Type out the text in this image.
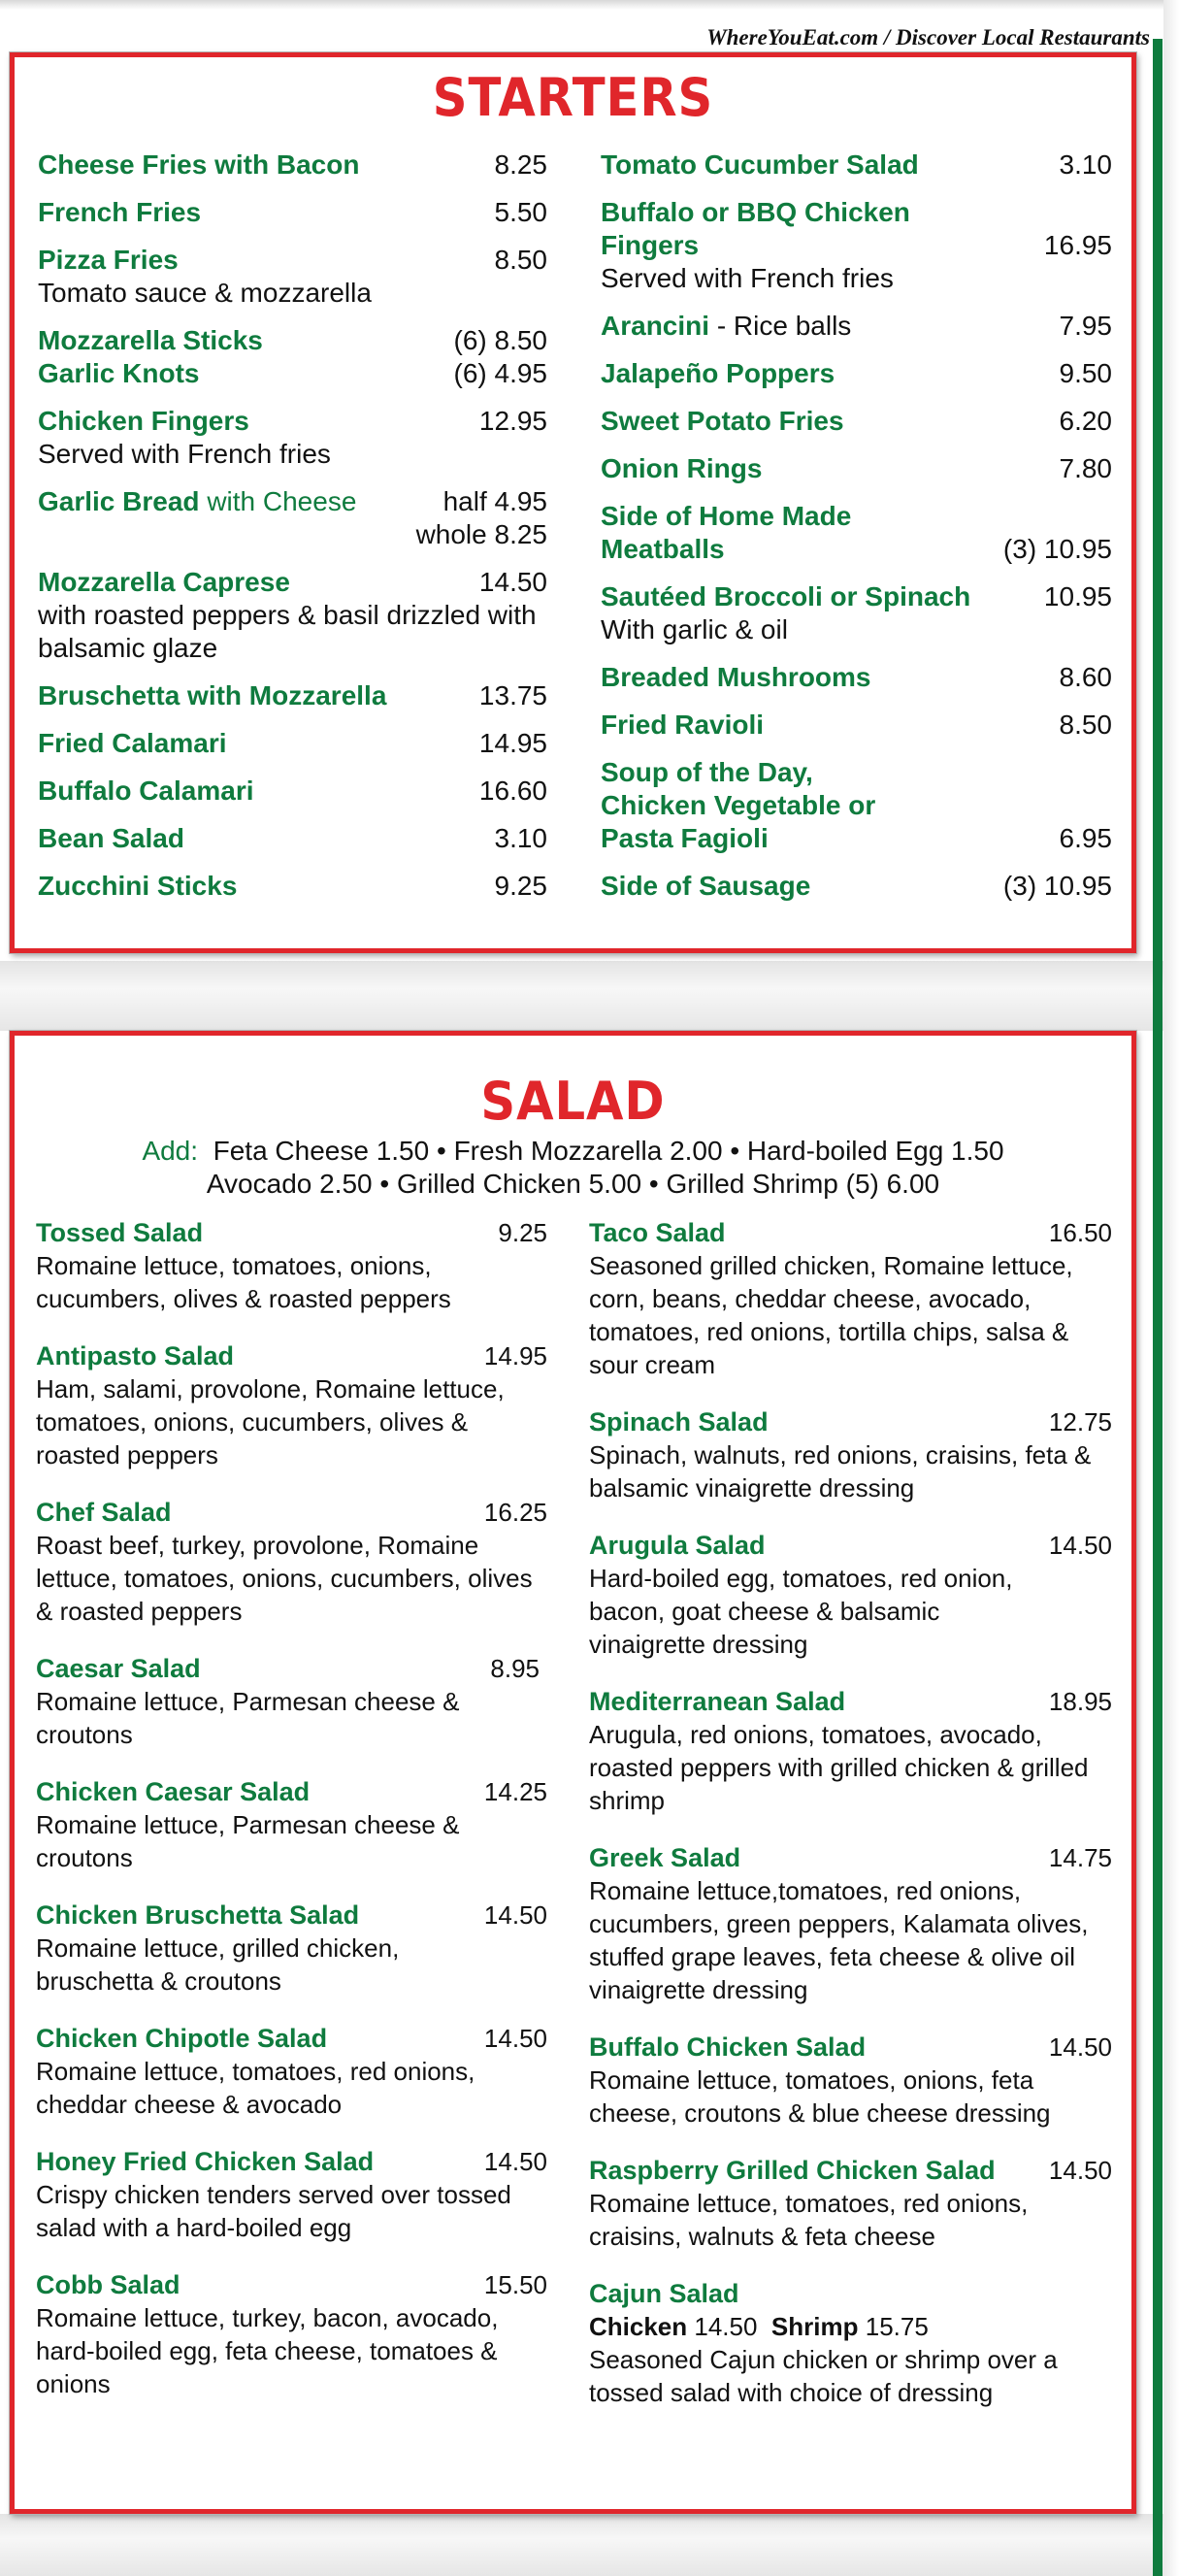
WhereYouEat.com / Discover Local Restaurants
STARTERS
Cheese Fries with Bacon	8.25
French Fries	5.50
Pizza Fries	8.50
Tomato sauce & mozzarella
Mozzarella Sticks	(6) 8.50
Garlic Knots	(6) 4.95
Chicken Fingers	12.95
Served with French fries
Garlic Bread with Cheese	half 4.95
whole 8.25
Mozzarella Caprese	14.50
with roasted peppers & basil drizzled with balsamic glaze
Bruschetta with Mozzarella	13.75
Fried Calamari	14.95
Buffalo Calamari	16.60
Bean Salad	3.10
Zucchini Sticks	9.25
Tomato Cucumber Salad	3.10
Buffalo or BBQ Chicken Fingers	16.95
Served with French fries
Arancini - Rice balls	7.95
Jalapeño Poppers	9.50
Sweet Potato Fries	6.20
Onion Rings	7.80
Side of Home Made Meatballs	(3) 10.95
Sautéed Broccoli or Spinach	10.95
With garlic & oil
Breaded Mushrooms	8.60
Fried Ravioli	8.50
Soup of the Day, Chicken Vegetable or Pasta Fagioli	6.95
Side of Sausage	(3) 10.95
SALAD
Add: Feta Cheese 1.50 • Fresh Mozzarella 2.00 • Hard-boiled Egg 1.50
Avocado 2.50 • Grilled Chicken 5.00 • Grilled Shrimp (5) 6.00
Tossed Salad	9.25
Romaine lettuce, tomatoes, onions, cucumbers, olives & roasted peppers
Antipasto Salad	14.95
Ham, salami, provolone, Romaine lettuce, tomatoes, onions, cucumbers, olives & roasted peppers
Chef Salad	16.25
Roast beef, turkey, provolone, Romaine lettuce, tomatoes, onions, cucumbers, olives & roasted peppers
Caesar Salad	8.95
Romaine lettuce, Parmesan cheese & croutons
Chicken Caesar Salad	14.25
Romaine lettuce, Parmesan cheese & croutons
Chicken Bruschetta Salad	14.50
Romaine lettuce, grilled chicken, bruschetta & croutons
Chicken Chipotle Salad	14.50
Romaine lettuce, tomatoes, red onions, cheddar cheese & avocado
Honey Fried Chicken Salad	14.50
Crispy chicken tenders served over tossed salad with a hard-boiled egg
Cobb Salad	15.50
Romaine lettuce, turkey, bacon, avocado, hard-boiled egg, feta cheese, tomatoes & onions
Taco Salad	16.50
Seasoned grilled chicken, Romaine lettuce, corn, beans, cheddar cheese, avocado, tomatoes, red onions, tortilla chips, salsa & sour cream
Spinach Salad	12.75
Spinach, walnuts, red onions, craisins, feta & balsamic vinaigrette dressing
Arugula Salad	14.50
Hard-boiled egg, tomatoes, red onion, bacon, goat cheese & balsamic vinaigrette dressing
Mediterranean Salad	18.95
Arugula, red onions, tomatoes, avocado, roasted peppers with grilled chicken & grilled shrimp
Greek Salad	14.75
Romaine lettuce,tomatoes, red onions, cucumbers, green peppers, Kalamata olives, stuffed grape leaves, feta cheese & olive oil vinaigrette dressing
Buffalo Chicken Salad	14.50
Romaine lettuce, tomatoes, onions, feta cheese, croutons & blue cheese dressing
Raspberry Grilled Chicken Salad 14.50
Romaine lettuce, tomatoes, red onions, craisins, walnuts & feta cheese
Cajun Salad
Chicken 14.50 Shrimp 15.75
Seasoned Cajun chicken or shrimp over a tossed salad with choice of dressing
